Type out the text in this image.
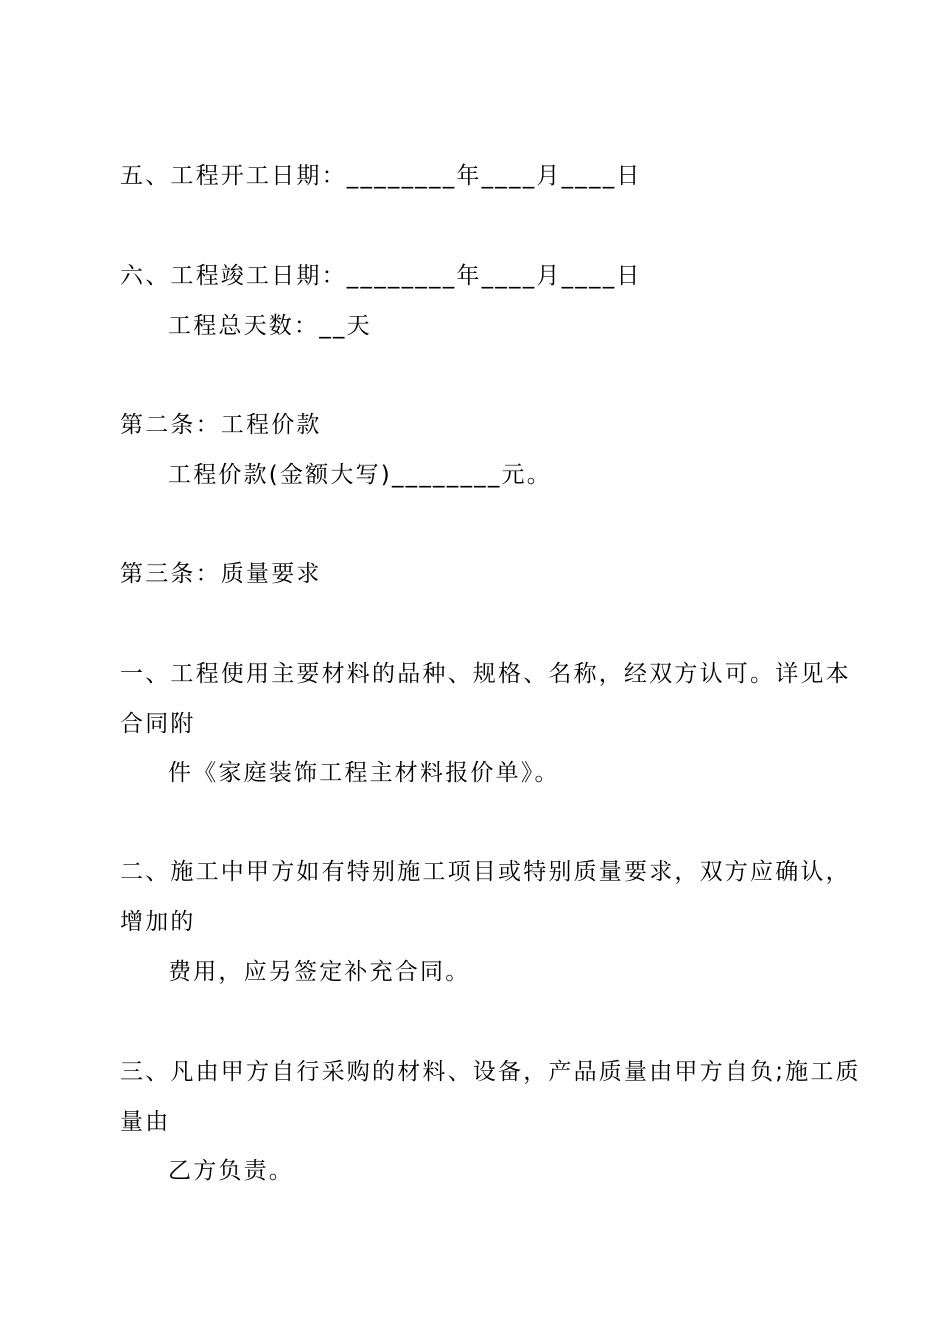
五、工程开工日期：________年____月____日
六、工程竣工日期：________年____月____日
工程总天数：__天
第二条：工程价款
工程价款(金额大写)________元。
第三条：质量要求
一、工程使用主要材料的品种、规格、名称，经双方认可。详见本
合同附
件《家庭装饰工程主材料报价单》。
二、施工中甲方如有特别施工项目或特别质量要求，双方应确认，
增加的
费用，应另签定补充合同。
三、凡由甲方自行采购的材料、设备，产品质量由甲方自负;施工质
量由
乙方负责。
